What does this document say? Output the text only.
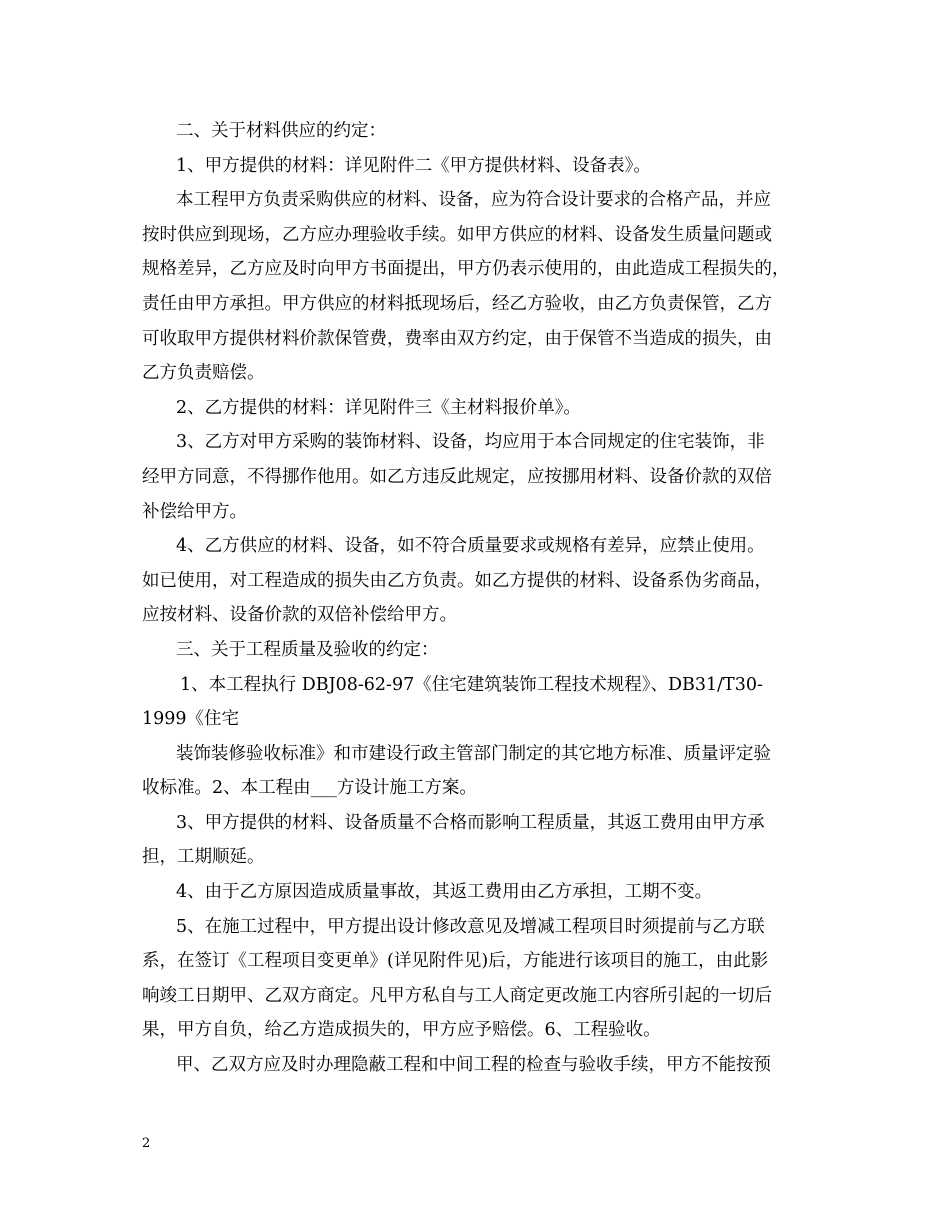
二、关于材料供应的约定：
1、甲方提供的材料：详见附件二《甲方提供材料、设备表》。
本工程甲方负责采购供应的材料、设备，应为符合设计要求的合格产品，并应
按时供应到现场，乙方应办理验收手续。如甲方供应的材料、设备发生质量问题或
规格差异，乙方应及时向甲方书面提出，甲方仍表示使用的，由此造成工程损失的，
责任由甲方承担。甲方供应的材料抵现场后，经乙方验收，由乙方负责保管，乙方
可收取甲方提供材料价款保管费，费率由双方约定，由于保管不当造成的损失，由
乙方负责赔偿。
2、乙方提供的材料：详见附件三《主材料报价单》。
3、乙方对甲方采购的装饰材料、设备，均应用于本合同规定的住宅装饰，非
经甲方同意，不得挪作他用。如乙方违反此规定，应按挪用材料、设备价款的双倍
补偿给甲方。
4、乙方供应的材料、设备，如不符合质量要求或规格有差异，应禁止使用。
如已使用，对工程造成的损失由乙方负责。如乙方提供的材料、设备系伪劣商品，
应按材料、设备价款的双倍补偿给甲方。
三、关于工程质量及验收的约定：
1、本工程执行 DBJ08-62-97《住宅建筑装饰工程技术规程》、DB31/T30-
1999《住宅
装饰装修验收标准》和市建设行政主管部门制定的其它地方标准、质量评定验
收标准。2、本工程由___方设计施工方案。
3、甲方提供的材料、设备质量不合格而影响工程质量，其返工费用由甲方承
担，工期顺延。
4、由于乙方原因造成质量事故，其返工费用由乙方承担，工期不变。
5、在施工过程中，甲方提出设计修改意见及增减工程项目时须提前与乙方联
系，在签订《工程项目变更单》(详见附件见)后，方能进行该项目的施工，由此影
响竣工日期甲、乙双方商定。凡甲方私自与工人商定更改施工内容所引起的一切后
果，甲方自负，给乙方造成损失的，甲方应予赔偿。6、工程验收。
甲、乙双方应及时办理隐蔽工程和中间工程的检查与验收手续，甲方不能按预
2
